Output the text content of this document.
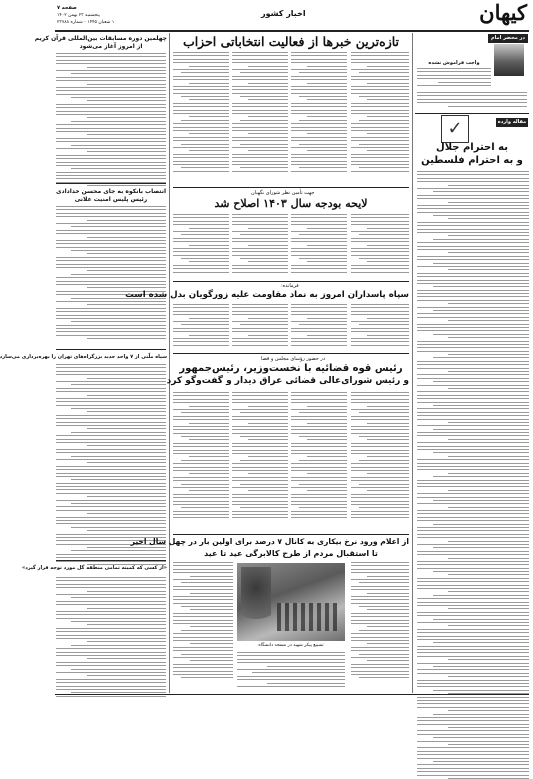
کیهان
اخبار کشور
صفحه ۷
پنجشنبه ۲۳ بهمن ۱۴۰۲
۱ شعبان ۱۴۴۵ - شماره ۲۳۷۸۸
در محضر امام
واجب فراموش نشده
مقاله وارده
✓
به احترام جلال
و به احترام فلسطین
چهلمین دوره مسابقات بین‌المللی قرآن کریم
از امروز آغاز می‌شود
انتصاب بانکوه به‌ جای محسن خدادادی
رئیس پلیس امنیت علانی
سپاه ملّتی از ۷ واحد جدید بزرگراه‌های تهران را بهره‌برداری می‌سازد
«از کسی که کمیته تمامی منطقه گل مورد توجه قرار گیرد»
تازه‌ترین خبرها از فعالیت انتخاباتی احزاب
جهت تأمین نظر شورای نگهبان
لایحه بودجه سال ۱۴۰۳ اصلاح شد
فرمانده:
سپاه پاسداران امروز به نماد مقاومت علیه زورگویان بدل شده است
در حضور رؤسای مجلس و قضا
رئیس قوه قضائیه با نخست‌وزیر، رئیس‌جمهور
و رئیس شورای‌عالی قضائی عراق دیدار و گفت‌وگو کرد
از اعلام ورود نرخ بیکاری به کانال ۷ درصد برای اولین بار در چهل سال اخیر
تا استقبال مردم از طرح کالابرگی عید تا عید
تشییع پیکر شهید در مسجد دانشگاه
